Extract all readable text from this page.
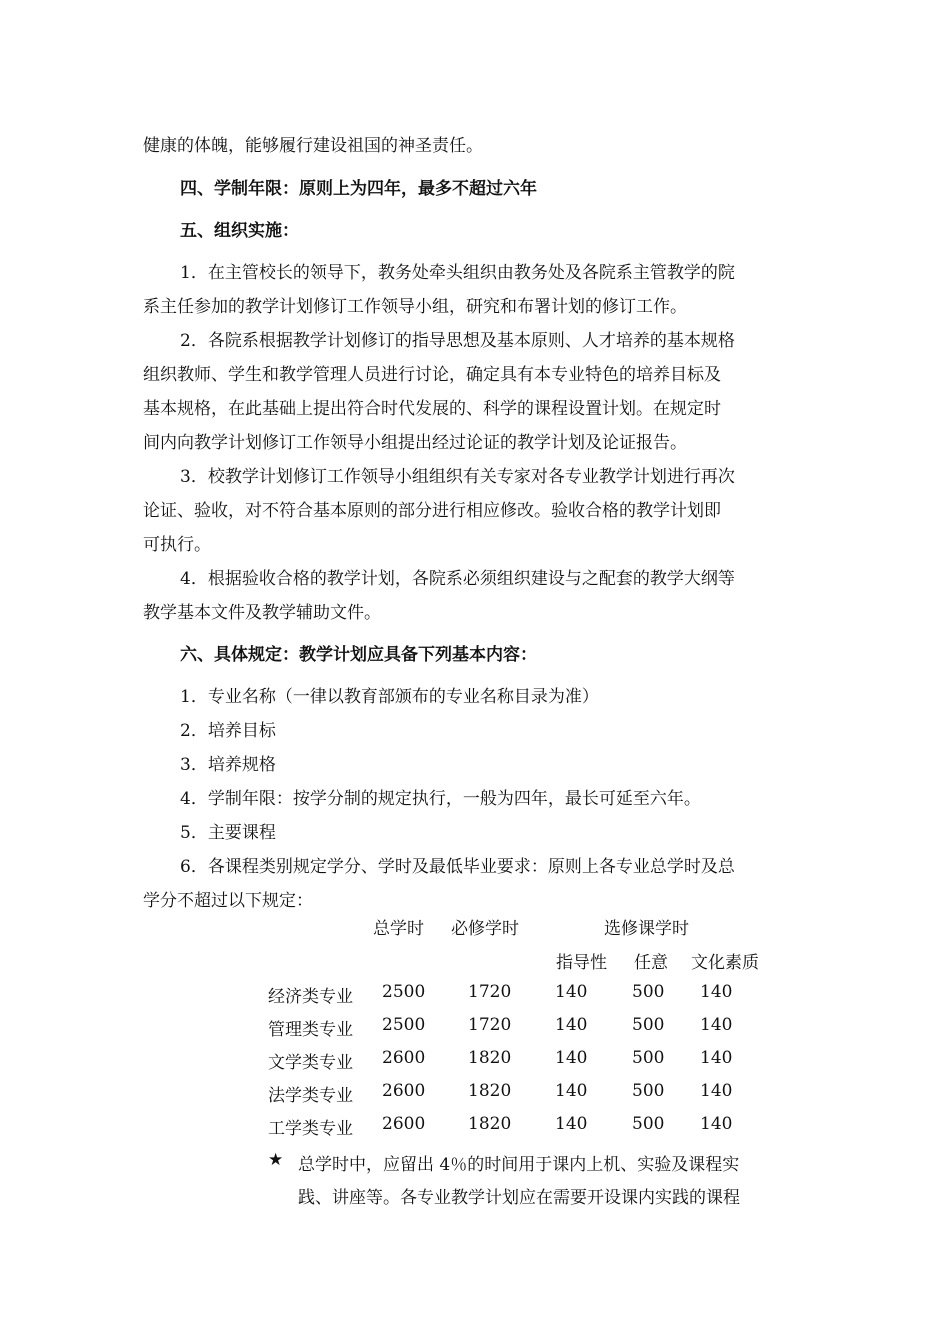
健康的体魄，能够履行建设祖国的神圣责任。
四、学制年限：原则上为四年，最多不超过六年
五、组织实施：
1．在主管校长的领导下，教务处牵头组织由教务处及各院系主管教学的院
系主任参加的教学计划修订工作领导小组，研究和布署计划的修订工作。
2．各院系根据教学计划修订的指导思想及基本原则、人才培养的基本规格
组织教师、学生和教学管理人员进行讨论，确定具有本专业特色的培养目标及
基本规格，在此基础上提出符合时代发展的、科学的课程设置计划。在规定时
间内向教学计划修订工作领导小组提出经过论证的教学计划及论证报告。
3．校教学计划修订工作领导小组组织有关专家对各专业教学计划进行再次
论证、验收，对不符合基本原则的部分进行相应修改。验收合格的教学计划即
可执行。
4．根据验收合格的教学计划，各院系必须组织建设与之配套的教学大纲等
教学基本文件及教学辅助文件。
六、具体规定：教学计划应具备下列基本内容：
1．专业名称（一律以教育部颁布的专业名称目录为准）
2．培养目标
3．培养规格
4．学制年限：按学分制的规定执行，一般为四年，最长可延至六年。
5．主要课程
6．各课程类别规定学分、学时及最低毕业要求：原则上各专业总学时及总
学分不超过以下规定：
总学时 必修学时	选修课学时
指导性 任意 文化素质
经济类专业 2500	1720	140	500 140
管理类专业 2500	1720	140	500 140
文学类专业 2600	1820	140	500 140
法学类专业 2600	1820	140	500 140
工学类专业 2600	1820	140	500 140
★ 总学时中，应留出 4％的时间用于课内上机、实验及课程实
践、讲座等。各专业教学计划应在需要开设课内实践的课程
